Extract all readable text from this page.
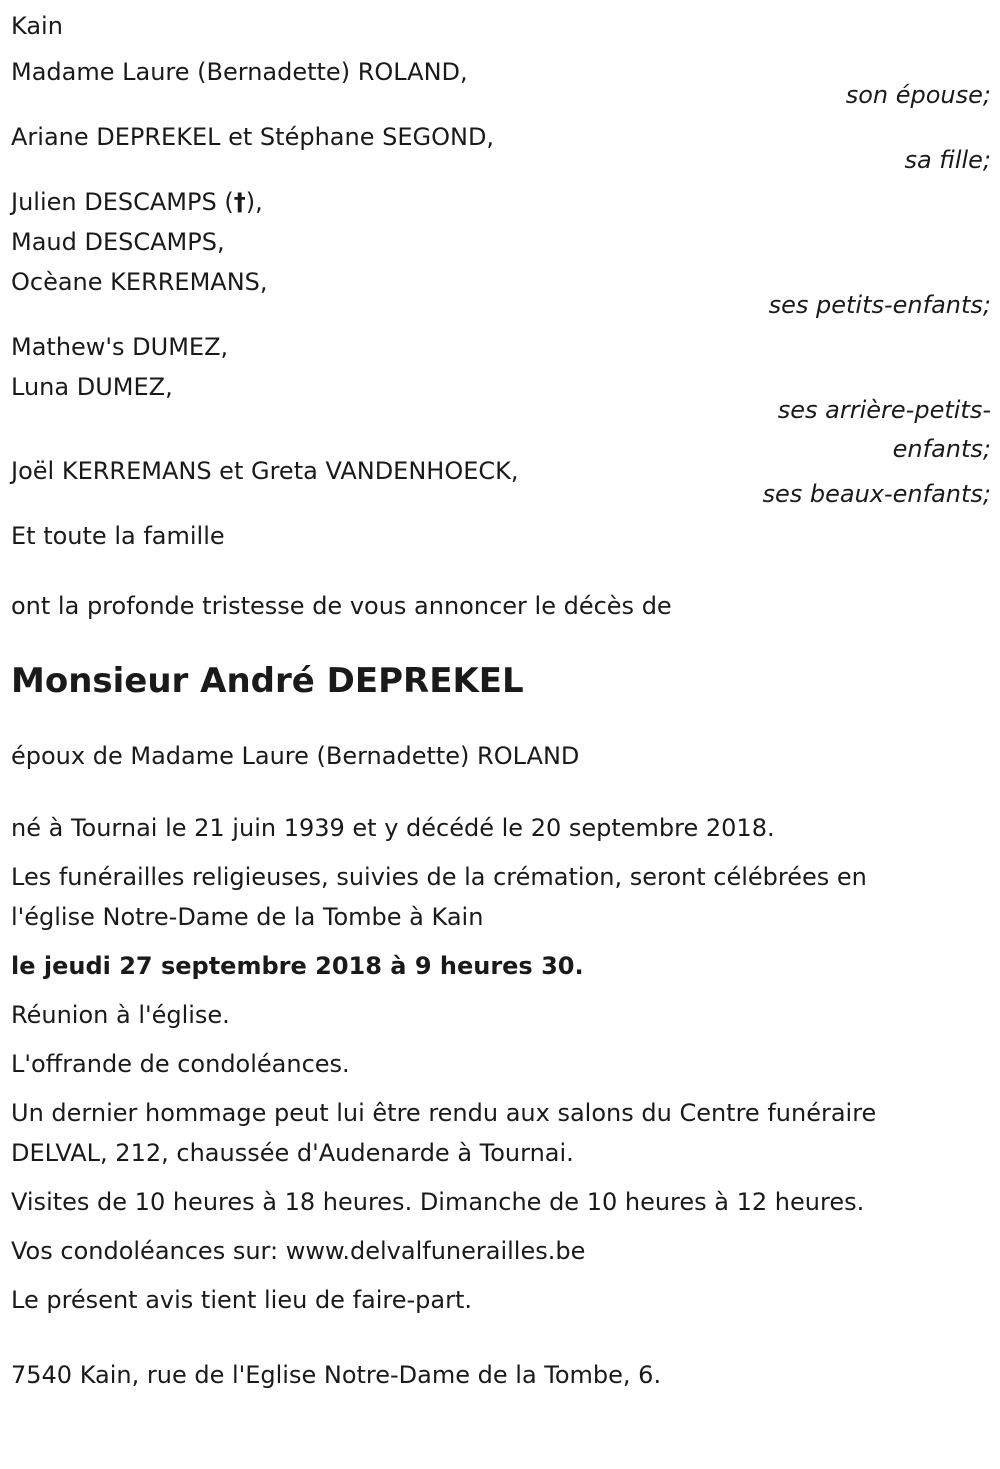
Kain
Madame Laure (Bernadette) ROLAND,
son épouse;
Ariane DEPREKEL et Stéphane SEGOND,
sa fille;
Julien DESCAMPS (†),
Maud DESCAMPS,
Ocèane KERREMANS,
ses petits-enfants;
Mathew's DUMEZ,
Luna DUMEZ,
ses arrière-petits-
enfants;
Joël KERREMANS et Greta VANDENHOECK,
ses beaux-enfants;
Et toute la famille
ont la profonde tristesse de vous annoncer le décès de
Monsieur André DEPREKEL
époux de Madame Laure (Bernadette) ROLAND
né à Tournai le 21 juin 1939 et y décédé le 20 septembre 2018.
Les funérailles religieuses, suivies de la crémation, seront célébrées en
l'église Notre-Dame de la Tombe à Kain
le jeudi 27 septembre 2018 à 9 heures 30.
Réunion à l'église.
L'offrande de condoléances.
Un dernier hommage peut lui être rendu aux salons du Centre funéraire
DELVAL, 212, chaussée d'Audenarde à Tournai.
Visites de 10 heures à 18 heures. Dimanche de 10 heures à 12 heures.
Vos condoléances sur: www.delvalfunerailles.be
Le présent avis tient lieu de faire-part.
7540 Kain, rue de l'Eglise Notre-Dame de la Tombe, 6.
